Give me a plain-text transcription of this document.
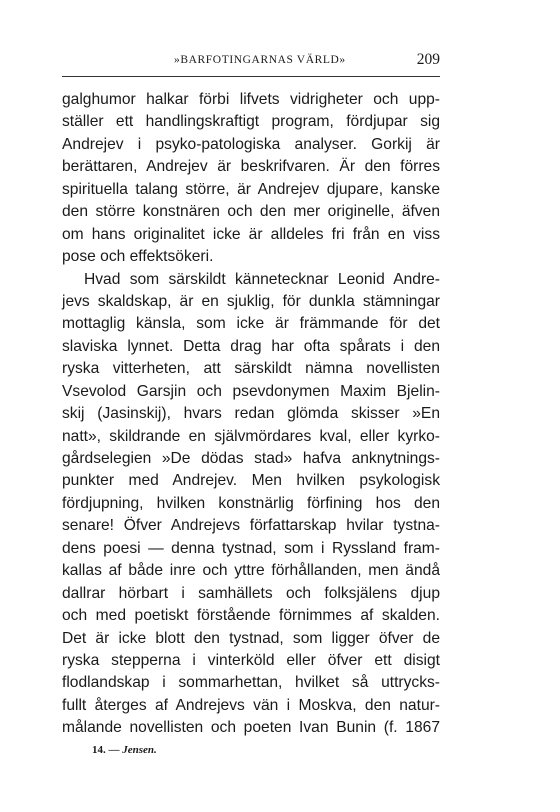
»BARFOTINGARNAS VÄRLD»	209
galghumor halkar förbi lifvets vidrigheter och upp-
ställer ett handlingskraftigt program, fördjupar sig
Andrejev i psyko-patologiska analyser. Gorkij är
berättaren, Andrejev är beskrifvaren. Är den förres
spirituella talang större, är Andrejev djupare, kanske
den större konstnären och den mer originelle, äfven
om hans originalitet icke är alldeles fri från en viss
pose och effektsökeri.
Hvad som särskildt kännetecknar Leonid Andre-
jevs skaldskap, är en sjuklig, för dunkla stämningar
mottaglig känsla, som icke är främmande för det
slaviska lynnet. Detta drag har ofta spårats i den
ryska vitterheten, att särskildt nämna novellisten
Vsevolod Garsjin och psevdonymen Maxim Bjelin-
skij (Jasinskij), hvars redan glömda skisser »En
natt», skildrande en självmördares kval, eller kyrko-
gårdselegien »De dödas stad» hafva anknytnings-
punkter med Andrejev. Men hvilken psykologisk
fördjupning, hvilken konstnärlig förfining hos den
senare! Öfver Andrejevs författarskap hvilar tystna-
dens poesi — denna tystnad, som i Ryssland fram-
kallas af både inre och yttre förhållanden, men ändå
dallrar hörbart i samhällets och folksjälens djup
och med poetiskt förstående förnimmes af skalden.
Det är icke blott den tystnad, som ligger öfver de
ryska stepperna i vinterköld eller öfver ett disigt
flodlandskap i sommarhettan, hvilket så uttrycks-
fullt återges af Andrejevs vän i Moskva, den natur-
målande novellisten och poeten Ivan Bunin (f. 1867
14. — Jensen.
